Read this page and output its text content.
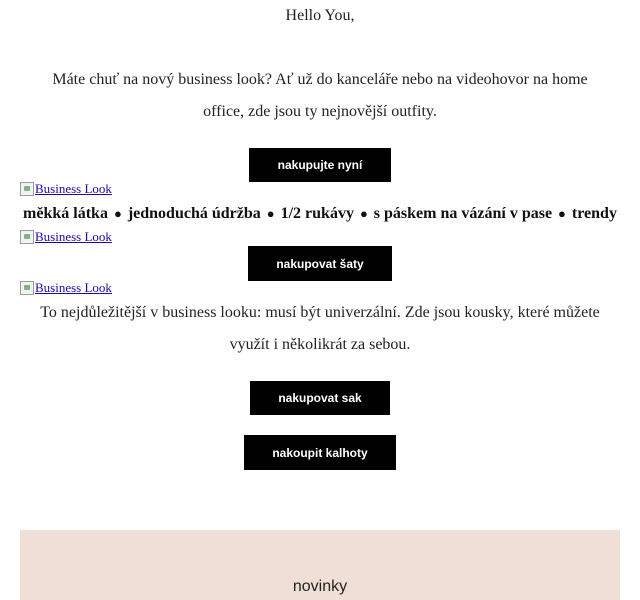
Hello You,
Máte chuť na nový business look? Ať už do kanceláře nebo na videohovor na home office, zde jsou ty nejnovější outfity.
nakupujte nyní
Business Look
měkká látka ● jednoduchá údržba ● 1/2 rukávy ● s páskem na vázání v pase ● trendy
Business Look
nakupovat šaty
Business Look
To nejdůležitější v business looku: musí být univerzální. Zde jsou kousky, které můžete využít i několikrát za sebou.
nakupovat sak
nakoupit kalhoty
novinky
